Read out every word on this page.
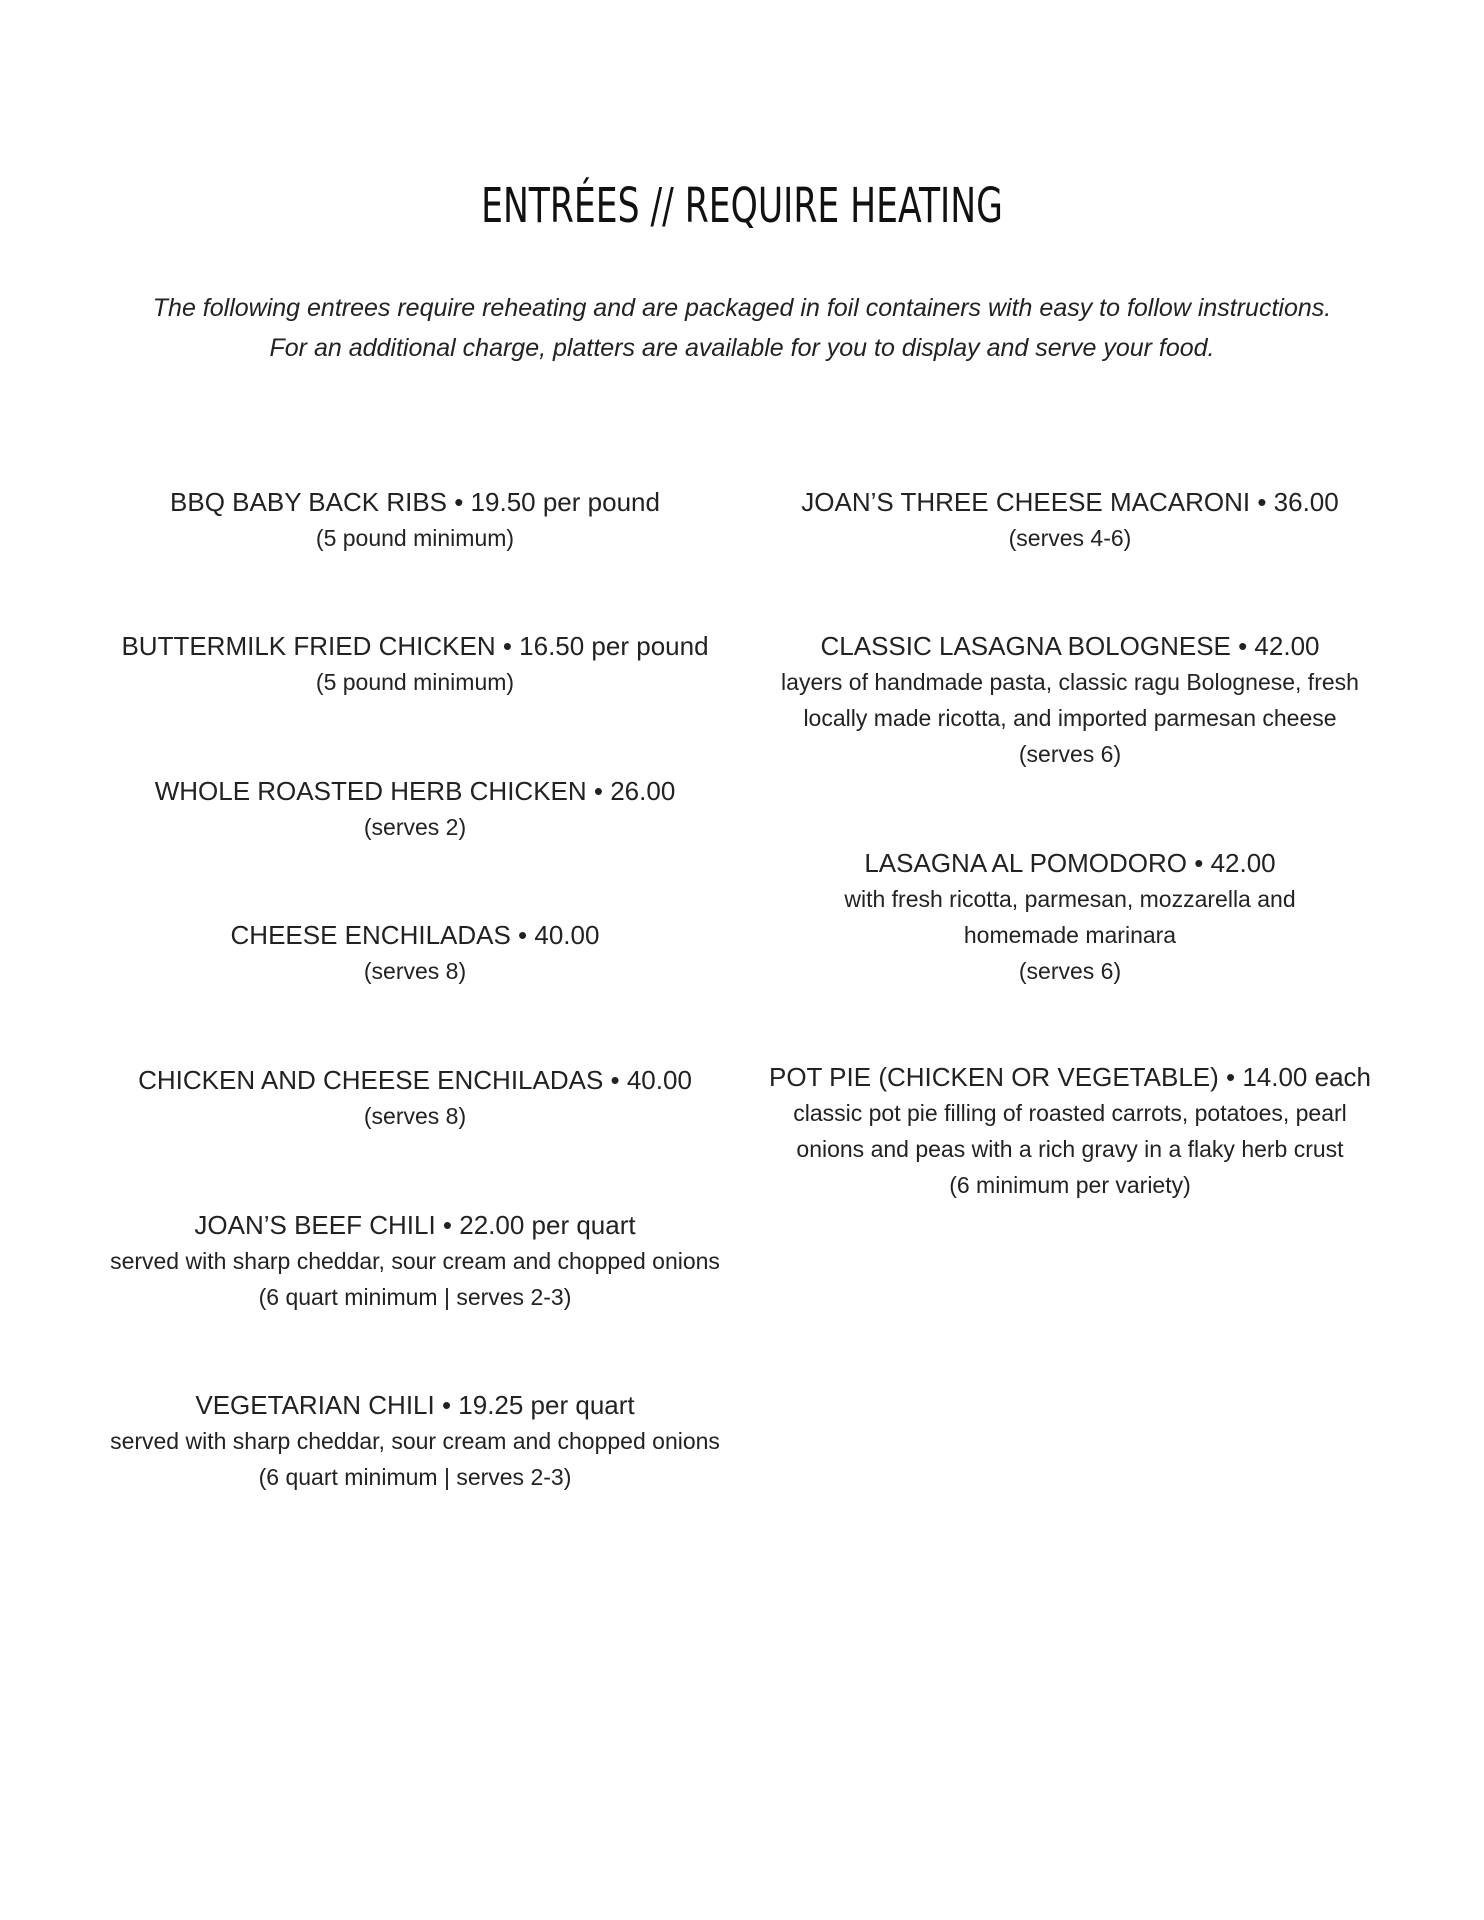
ENTRÉES // REQUIRE HEATING
The following entrees require reheating and are packaged in foil containers with easy to follow instructions.
For an additional charge, platters are available for you to display and serve your food.
BBQ BABY BACK RIBS • 19.50 per pound
(5 pound minimum)
BUTTERMILK FRIED CHICKEN • 16.50 per pound
(5 pound minimum)
WHOLE ROASTED HERB CHICKEN • 26.00
(serves 2)
CHEESE ENCHILADAS • 40.00
(serves 8)
CHICKEN AND CHEESE ENCHILADAS • 40.00
(serves 8)
JOAN’S BEEF CHILI • 22.00 per quart
served with sharp cheddar, sour cream and chopped onions
(6 quart minimum | serves 2-3)
VEGETARIAN CHILI • 19.25 per quart
served with sharp cheddar, sour cream and chopped onions
(6 quart minimum | serves 2-3)
JOAN’S THREE CHEESE MACARONI • 36.00
(serves 4-6)
CLASSIC LASAGNA BOLOGNESE • 42.00
layers of handmade pasta, classic ragu Bolognese, fresh
locally made ricotta, and imported parmesan cheese
(serves 6)
LASAGNA AL POMODORO • 42.00
with fresh ricotta, parmesan, mozzarella and
homemade marinara
(serves 6)
POT PIE (CHICKEN OR VEGETABLE) • 14.00 each
classic pot pie filling of roasted carrots, potatoes, pearl
onions and peas with a rich gravy in a flaky herb crust
(6 minimum per variety)
